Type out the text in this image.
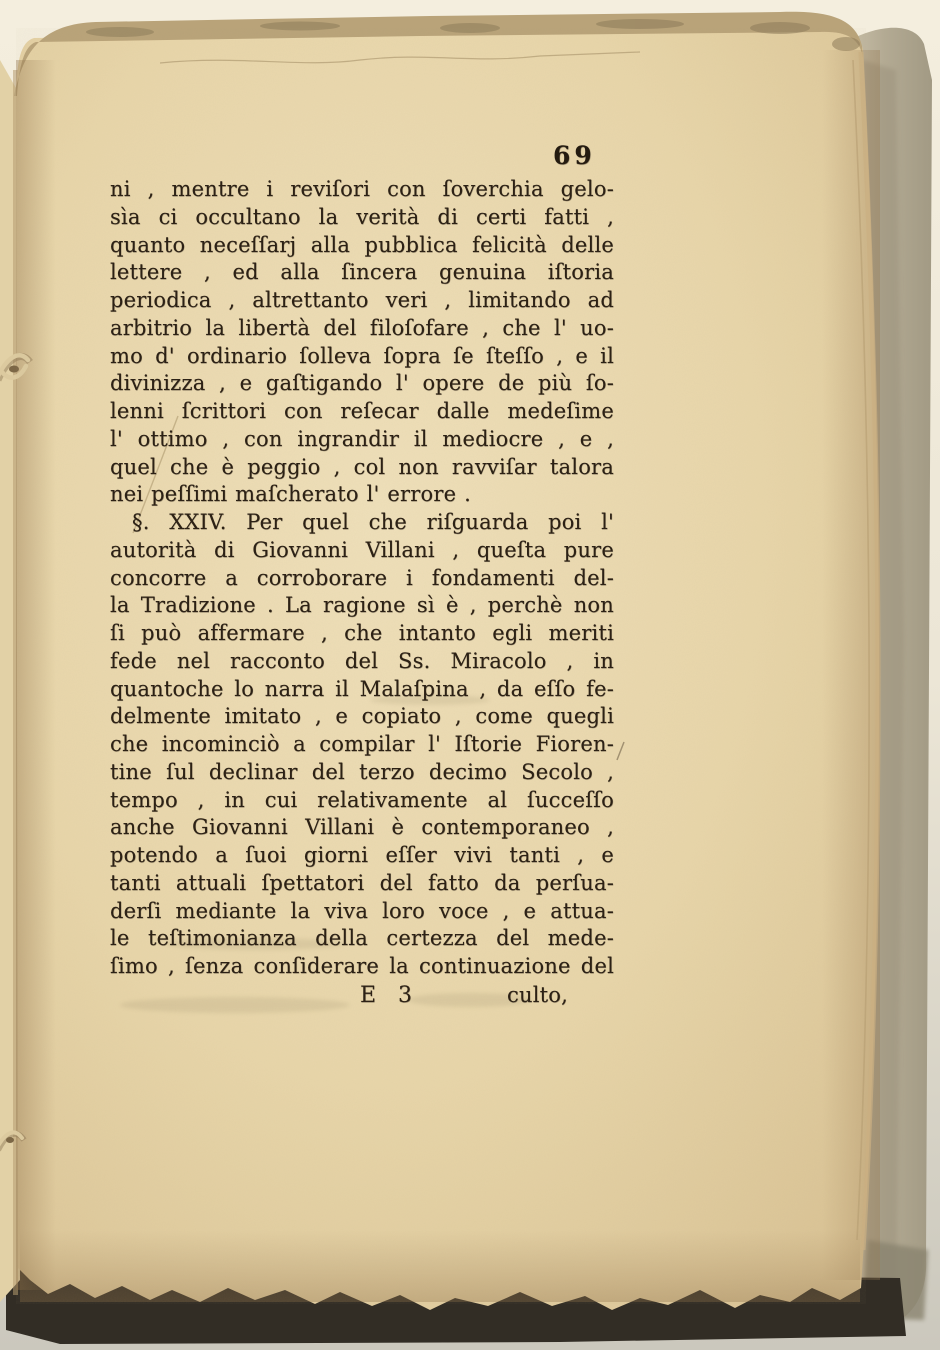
69
ni , mentre i reviſori con ſoverchia gelo-
sìa ci occultano la verità di certi fatti ,
quanto neceſſarj alla pubblica felicità delle
lettere , ed alla ſincera genuina iſtoria
periodica , altrettanto veri , limitando ad
arbitrio la libertà del filoſofare , che l' uo-
mo d' ordinario ſolleva ſopra ſe ſteſſo , e il
divinizza , e gaſtigando l' opere de più ſo-
lenni ſcrittori con reſecar dalle medeſime
l' ottimo , con ingrandir il mediocre , e ,
quel che è peggio , col non ravviſar talora
nei peſſimi maſcherato l' errore .
§. XXIV. Per quel che riſguarda poi l'
autorità di Giovanni Villani , queſta pure
concorre a corroborare i fondamenti del-
la Tradizione . La ragione sì è , perchè non
ſi può affermare , che intanto egli meriti
fede nel racconto del Ss. Miracolo , in
quantoche lo narra il Malaſpina , da eſſo fe-
delmente imitato , e copiato , come quegli
che incominciò a compilar l' Iſtorie Fioren-
tine ſul declinar del terzo decimo Secolo ,
tempo , in cui relativamente al ſucceſſo
anche Giovanni Villani è contemporaneo ,
potendo a ſuoi giorni eſſer vivi tanti , e
tanti attuali ſpettatori del fatto da perſua-
derſi mediante la viva loro voce , e attua-
le teſtimonianza della certezza del mede-
ſimo , ſenza conſiderare la continuazione del
E 3	culto,
